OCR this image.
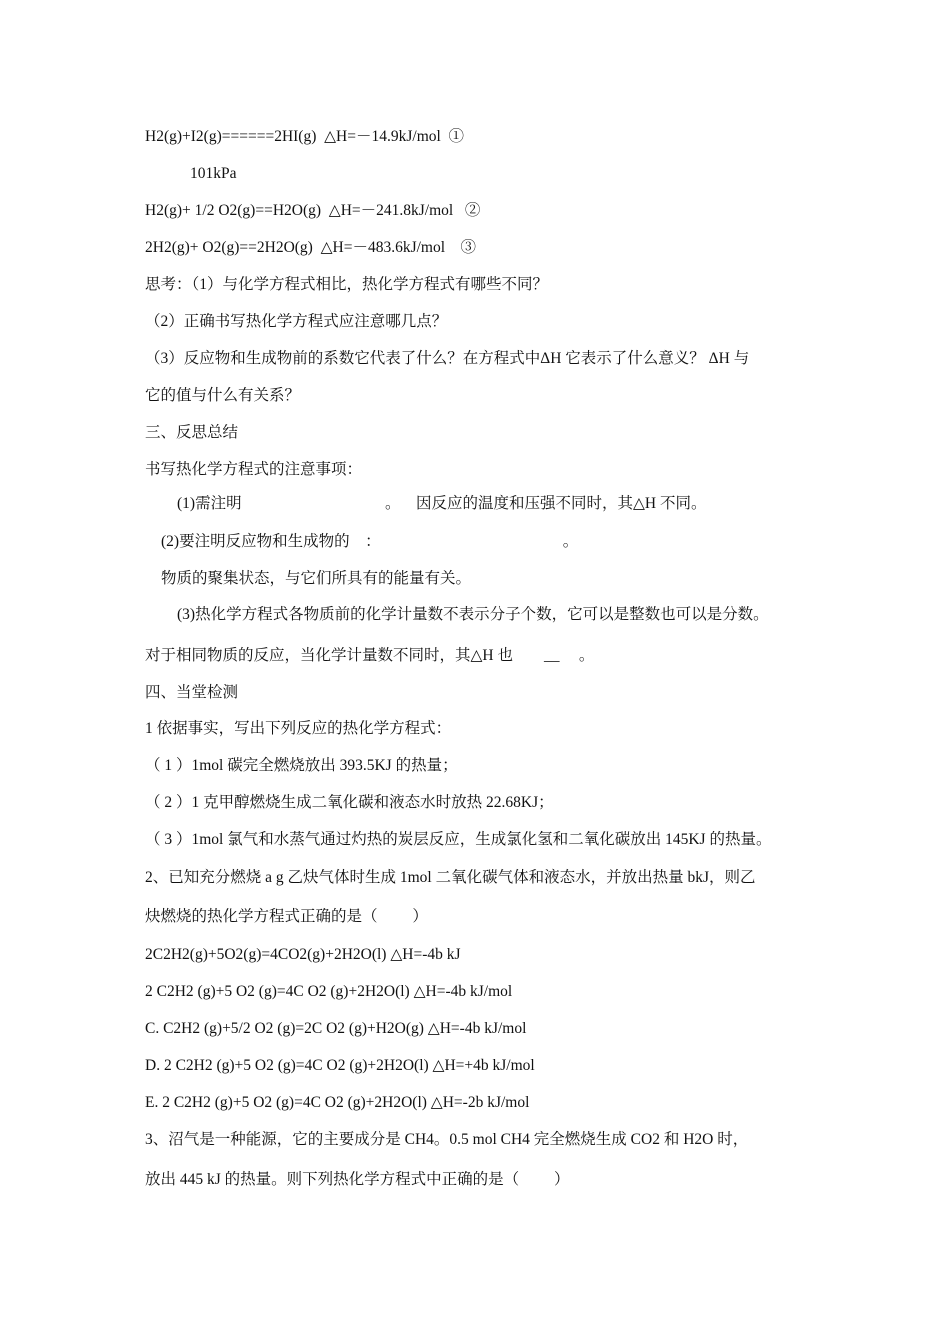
H2(g)+I2(g)======2HI(g)  △H=－14.9kJ/mol  ①
101kPa
H2(g)+ 1/2 O2(g)==H2O(g)  △H=－241.8kJ/mol   ②
2H2(g)+ O2(g)==2H2O(g)  △H=－483.6kJ/mol    ③
思考：（1）与化学方程式相比，热化学方程式有哪些不同？
（2）正确书写热化学方程式应注意哪几点？
（3）反应物和生成物前的系数它代表了什么？在方程式中ΔH 它表示了什么意义？ ΔH 与
它的值与什么有关系？
三、反思总结
书写热化学方程式的注意事项：
(1)需注明                                     。    因反应的温度和压强不同时，其△H 不同。
(2)要注明反应物和生成物的    ：                                               。
物质的聚集状态，与它们所具有的能量有关。
(3)热化学方程式各物质前的化学计量数不表示分子个数，它可以是整数也可以是分数。
对于相同物质的反应，当化学计量数不同时，其△H 也        __     。
四、当堂检测
1 依据事实，写出下列反应的热化学方程式：
（ 1 ）1mol 碳完全燃烧放出 393.5KJ 的热量；
（ 2 ）1 克甲醇燃烧生成二氧化碳和液态水时放热 22.68KJ；
（ 3 ）1mol 氯气和水蒸气通过灼热的炭层反应，生成氯化氢和二氧化碳放出 145KJ 的热量。
2、已知充分燃烧 a g 乙炔气体时生成 1mol 二氧化碳气体和液态水，并放出热量 bkJ，则乙
炔燃烧的热化学方程式正确的是（         ）
2C2H2(g)+5O2(g)=4CO2(g)+2H2O(l) △H=-4b kJ
2 C2H2 (g)+5 O2 (g)=4C O2 (g)+2H2O(l) △H=-4b kJ/mol
C. C2H2 (g)+5/2 O2 (g)=2C O2 (g)+H2O(g) △H=-4b kJ/mol
D. 2 C2H2 (g)+5 O2 (g)=4C O2 (g)+2H2O(l) △H=+4b kJ/mol
E. 2 C2H2 (g)+5 O2 (g)=4C O2 (g)+2H2O(l) △H=-2b kJ/mol
3、沼气是一种能源，它的主要成分是 CH4。0.5 mol CH4 完全燃烧生成 CO2 和 H2O 时，
放出 445 kJ 的热量。则下列热化学方程式中正确的是（         ）
